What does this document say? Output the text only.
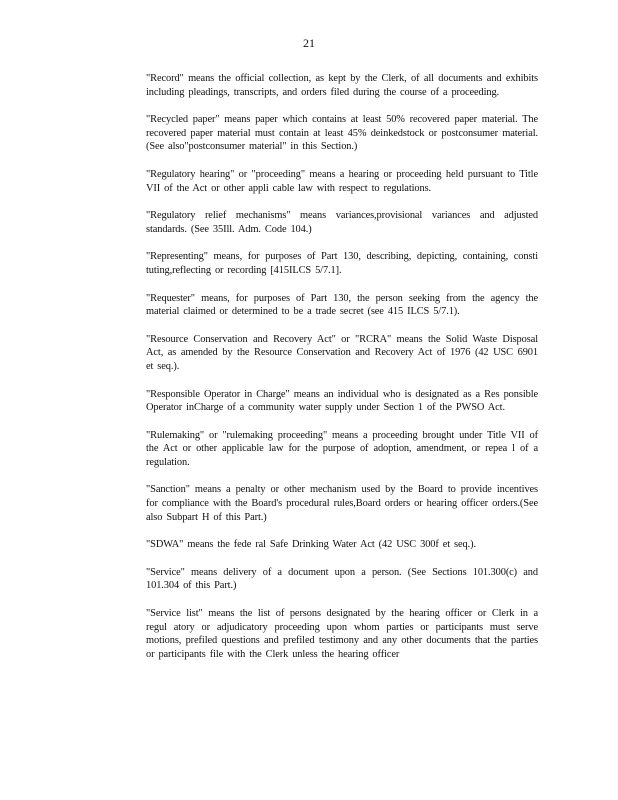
21

"Record" means the official collection, as kept by the Clerk, of all documents and exhibits including pleadings, transcripts, and orders filed during the course of a proceeding.

"Recycled paper" means paper which contains at least 50% recovered paper material. The recovered paper material must contain at least 45% deinkedstock or postconsumer material. (See also"postconsumer material" in this Section.)

"Regulatory hearing" or "proceeding" means a hearing or proceeding held pursuant to Title VII of the Act or other appli cable law with respect to regulations.

"Regulatory relief mechanisms" means variances,provisional variances and adjusted standards. (See 35Ill. Adm. Code 104.)

"Representing" means, for purposes of Part 130, describing, depicting, containing, consti tuting,reflecting or recording [415ILCS 5/7.1].

"Requester" means, for purposes of Part 130, the person seeking from the agency the material claimed or determined to be a trade secret (see 415 ILCS 5/7.1).

"Resource Conservation and Recovery Act" or "RCRA" means the Solid Waste Disposal Act, as amended by the Resource Conservation and Recovery Act of 1976 (42 USC 6901 et seq.).

"Responsible Operator in Charge" means an individual who is designated as a Res ponsible Operator inCharge of a community water supply under Section 1 of the PWSO Act.

"Rulemaking" or "rulemaking proceeding" means a proceeding brought under Title VII of the Act or other applicable law for the purpose of adoption, amendment, or repea l of a regulation.

"Sanction" means a penalty or other mechanism used by the Board to provide incentives for compliance with the Board's procedural rules,Board orders or hearing officer orders.(See also Subpart H of this Part.)

"SDWA" means the fede ral Safe Drinking Water Act (42 USC 300f et seq.).

"Service" means delivery of a document upon a person. (See Sections 101.300(c) and 101.304 of this Part.)

"Service list" means the list of persons designated by the hearing officer or Clerk in a regul atory or adjudicatory proceeding upon whom parties or participants must serve motions, prefiled questions and prefiled testimony and any other documents that the parties or participants file with the Clerk unless the hearing officer
